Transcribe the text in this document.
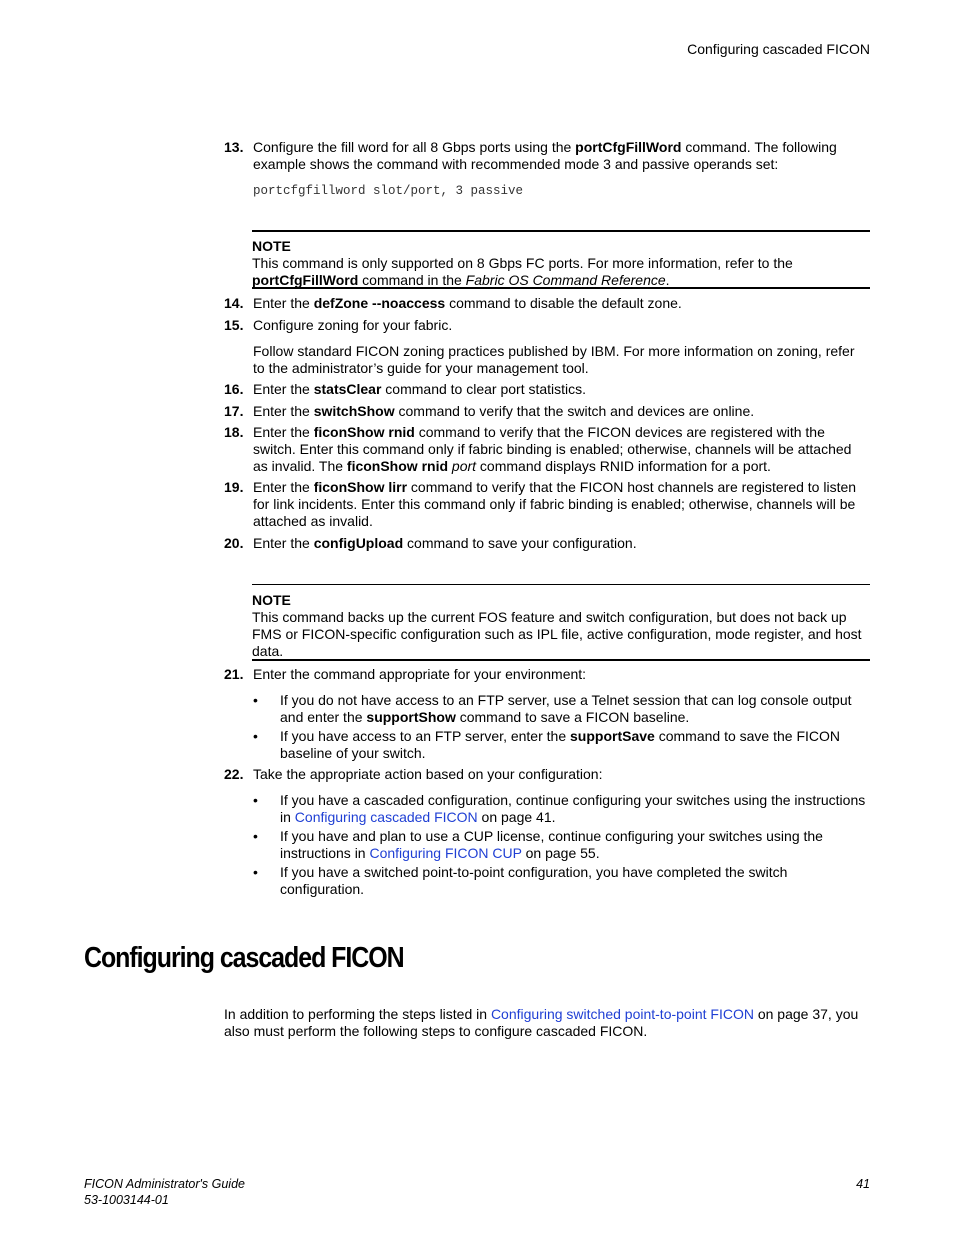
Configuring cascaded FICON
13. Configure the fill word for all 8 Gbps ports using the portCfgFillWord command. The following example shows the command with recommended mode 3 and passive operands set:
portcfgfillword slot/port, 3 passive
NOTE
This command is only supported on 8 Gbps FC ports. For more information, refer to the portCfgFillWord command in the Fabric OS Command Reference.
14. Enter the defZone --noaccess command to disable the default zone.
15. Configure zoning for your fabric.
Follow standard FICON zoning practices published by IBM. For more information on zoning, refer to the administrator’s guide for your management tool.
16. Enter the statsClear command to clear port statistics.
17. Enter the switchShow command to verify that the switch and devices are online.
18. Enter the ficonShow rnid command to verify that the FICON devices are registered with the switch. Enter this command only if fabric binding is enabled; otherwise, channels will be attached as invalid. The ficonShow rnid port command displays RNID information for a port.
19. Enter the ficonShow lirr command to verify that the FICON host channels are registered to listen for link incidents. Enter this command only if fabric binding is enabled; otherwise, channels will be attached as invalid.
20. Enter the configUpload command to save your configuration.
NOTE
This command backs up the current FOS feature and switch configuration, but does not back up FMS or FICON-specific configuration such as IPL file, active configuration, mode register, and host data.
21. Enter the command appropriate for your environment:
•	If you do not have access to an FTP server, use a Telnet session that can log console output and enter the supportShow command to save a FICON baseline.
•	If you have access to an FTP server, enter the supportSave command to save the FICON baseline of your switch.
22. Take the appropriate action based on your configuration:
•	If you have a cascaded configuration, continue configuring your switches using the instructions in Configuring cascaded FICON on page 41.
•	If you have and plan to use a CUP license, continue configuring your switches using the instructions in Configuring FICON CUP on page 55.
•	If you have a switched point-to-point configuration, you have completed the switch configuration.
Configuring cascaded FICON
In addition to performing the steps listed in Configuring switched point-to-point FICON on page 37, you also must perform the following steps to configure cascaded FICON.
FICON Administrator's Guide
53-1003144-01
41
